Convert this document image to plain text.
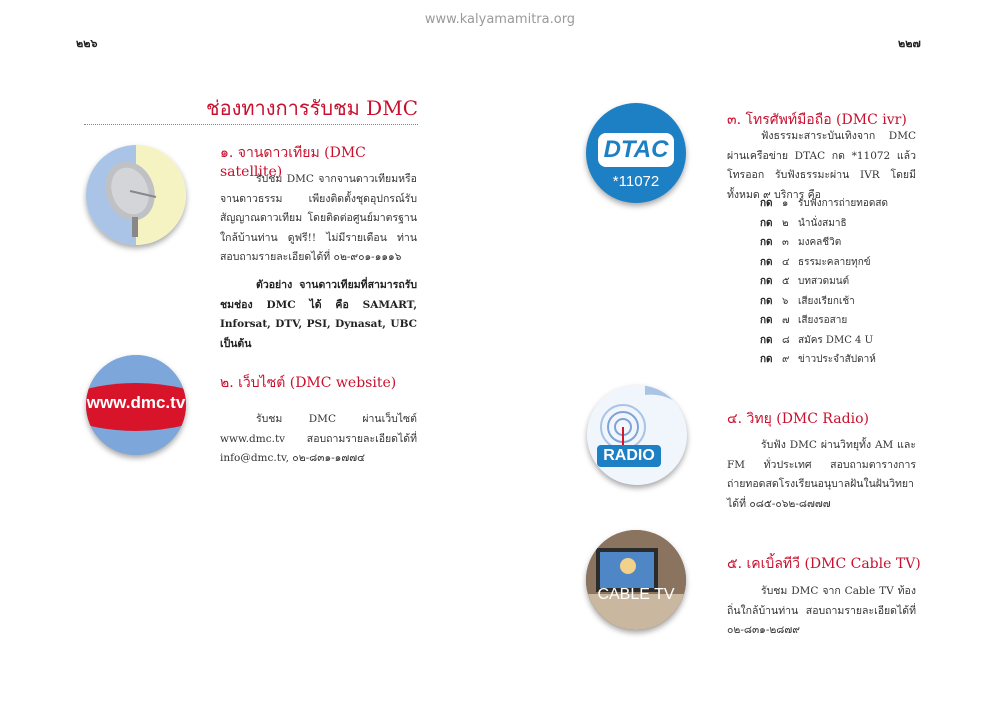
www.kalyamamitra.org
๒๒๖	๒๒๗
ช่องทางการรับชม DMC
๑. จานดาวเทียม (DMC satellite)
รับชม DMC จากจานดาวเทียมหรือจานดาวธรรม เพียงติดตั้งชุดอุปกรณ์รับสัญญาณดาวเทียม โดยติดต่อศูนย์มาตรฐานใกล้บ้านท่าน ดูฟรี!! ไม่มีรายเดือน ท่านสอบถามรายละเอียดได้ที่ ๐๒-๙๐๑-๑๑๑๖
ตัวอย่าง จานดาวเทียมที่สามารถรับชมช่อง DMC ได้ คือ SAMART, Inforsat, DTV, PSI, Dynasat, UBC เป็นต้น
www.dmc.tv
๒. เว็บไซต์ (DMC website)
รับชม DMC ผ่านเว็บไซต์ www.dmc.tv สอบถามรายละเอียดได้ที่ info@dmc.tv, ๐๒-๘๓๑-๑๗๗๔
DTAC
*11072
๓. โทรศัพท์มือถือ (DMC ivr)
ฟังธรรมะสาระบันเทิงจาก DMC ผ่านเครือข่าย DTAC กด *11072 แล้วโทรออก รับฟังธรรมะผ่าน IVR โดยมีทั้งหมด ๙ บริการ คือ
กด ๑ รับฟังการถ่ายทอดสด
กด ๒ นำนั่งสมาธิ
กด ๓ มงคลชีวิต
กด ๔ ธรรมะคลายทุกข์
กด ๕ บทสวดมนต์
กด ๖ เสียงเรียกเช้า
กด ๗ เสียงรอสาย
กด ๘ สมัคร DMC 4 U
กด ๙ ข่าวประจำสัปดาห์
RADIO
๔. วิทยุ (DMC Radio)
รับฟัง DMC ผ่านวิทยุทั้ง AM และ FM ทั่วประเทศ สอบถามตารางการถ่ายทอดสดโรงเรียนอนุบาลฝันในฝันวิทยาได้ที่ ๐๘๕-๐๖๒-๘๗๗๗
CABLE TV
๕. เคเบิ้ลทีวี (DMC Cable TV)
รับชม DMC จาก Cable TV ท้องถิ่นใกล้บ้านท่าน สอบถามรายละเอียดได้ที่ ๐๒-๘๓๑-๒๘๗๙
